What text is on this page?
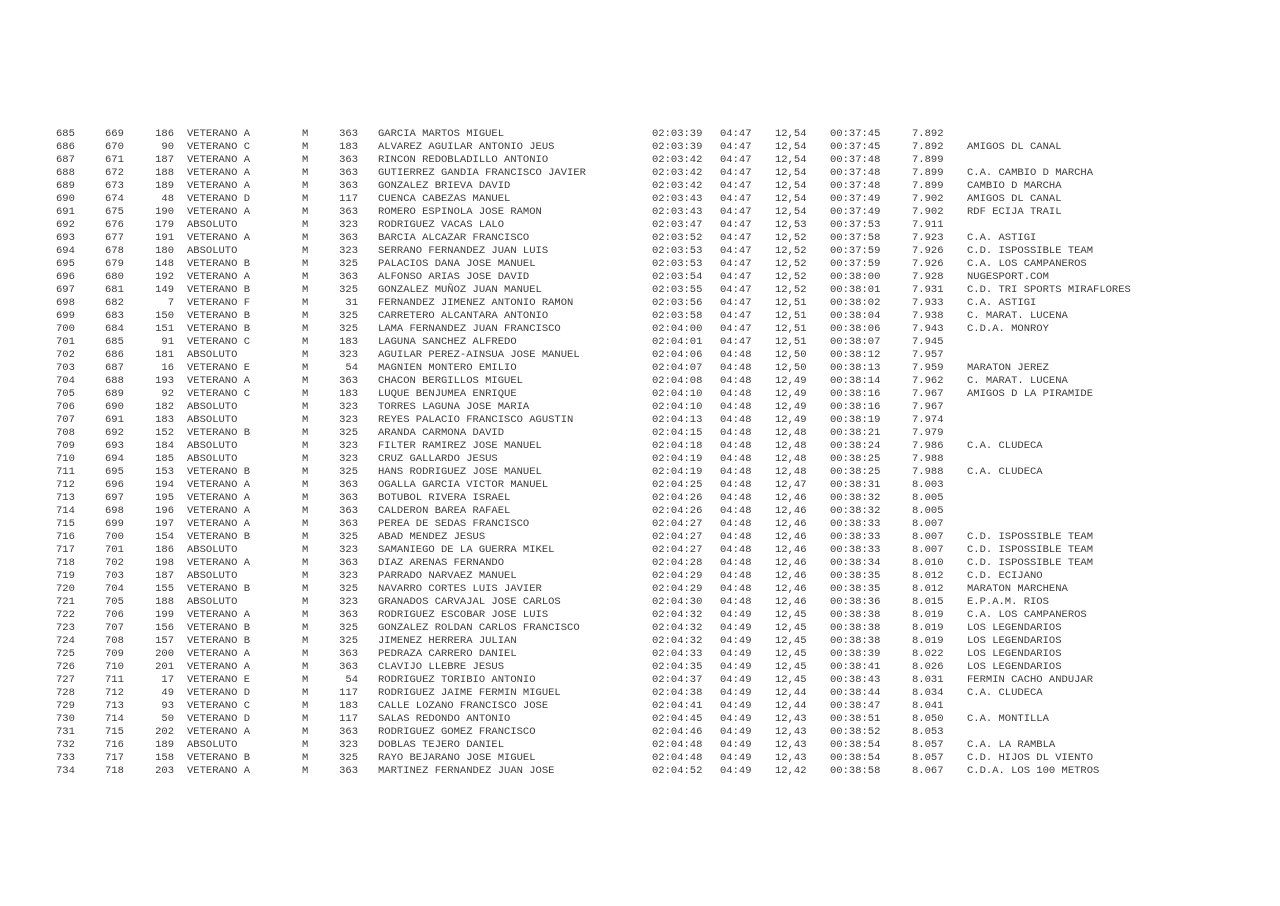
685	669	186 VETERANO A	M	363 GARCIA MARTOS MIGUEL	02:03:39 04:47 12,54 00:37:45	7.892
686	670	90 VETERANO C	M	183 ALVAREZ AGUILAR ANTONIO JEUS	02:03:39 04:47 12,54 00:37:45	7.892 AMIGOS DL CANAL
687	671	187 VETERANO A	M	363 RINCON REDOBLADILLO ANTONIO	02:03:42 04:47 12,54 00:37:48	7.899
688	672	188 VETERANO A	M	363 GUTIERREZ GANDIA FRANCISCO JAVIER	02:03:42 04:47 12,54 00:37:48	7.899 C.A. CAMBIO D MARCHA
689	673	189 VETERANO A	M	363 GONZALEZ BRIEVA DAVID	02:03:42 04:47 12,54 00:37:48	7.899 CAMBIO D MARCHA
690	674	48 VETERANO D	M	117 CUENCA CABEZAS MANUEL	02:03:43 04:47 12,54 00:37:49	7.902 AMIGOS DL CANAL
691	675	190 VETERANO A	M	363 ROMERO ESPINOLA JOSE RAMON	02:03:43 04:47 12,54 00:37:49	7.902 RDF ECIJA TRAIL
692	676	179 ABSOLUTO	M	323 RODRIGUEZ VACAS LALO	02:03:47 04:47 12,53 00:37:53	7.911
693	677	191 VETERANO A	M	363 BARCIA ALCAZAR FRANCISCO	02:03:52 04:47 12,52 00:37:58	7.923 C.A. ASTIGI
694	678	180 ABSOLUTO	M	323 SERRANO FERNANDEZ JUAN LUIS	02:03:53 04:47 12,52 00:37:59	7.926 C.D. ISPOSSIBLE TEAM
695	679	148 VETERANO B	M	325 PALACIOS DANA JOSE MANUEL	02:03:53 04:47 12,52 00:37:59	7.926 C.A. LOS CAMPANEROS
696	680	192 VETERANO A	M	363 ALFONSO ARIAS JOSE DAVID	02:03:54 04:47 12,52 00:38:00	7.928 NUGESPORT.COM
697	681	149 VETERANO B	M	325 GONZALEZ MUÑOZ JUAN MANUEL	02:03:55 04:47 12,52 00:38:01	7.931 C.D. TRI SPORTS MIRAFLORES
698	682	7 VETERANO F	M	31 FERNANDEZ JIMENEZ ANTONIO RAMON	02:03:56 04:47 12,51 00:38:02	7.933 C.A. ASTIGI
699	683	150 VETERANO B	M	325 CARRETERO ALCANTARA ANTONIO	02:03:58 04:47 12,51 00:38:04	7.938 C. MARAT. LUCENA
700	684	151 VETERANO B	M	325 LAMA FERNANDEZ JUAN FRANCISCO	02:04:00 04:47 12,51 00:38:06	7.943 C.D.A. MONROY
701	685	91 VETERANO C	M	183 LAGUNA SANCHEZ ALFREDO	02:04:01 04:47 12,51 00:38:07	7.945
702	686	181 ABSOLUTO	M	323 AGUILAR PEREZ-AINSUA JOSE MANUEL	02:04:06 04:48 12,50 00:38:12	7.957
703	687	16 VETERANO E	M	54 MAGNIEN MONTERO EMILIO	02:04:07 04:48 12,50 00:38:13	7.959 MARATON JEREZ
704	688	193 VETERANO A	M	363 CHACON BERGILLOS MIGUEL	02:04:08 04:48 12,49 00:38:14	7.962 C. MARAT. LUCENA
705	689	92 VETERANO C	M	183 LUQUE BENJUMEA ENRIQUE	02:04:10 04:48 12,49 00:38:16	7.967 AMIGOS D LA PIRAMIDE
706	690	182 ABSOLUTO	M	323 TORRES LAGUNA JOSE MARIA	02:04:10 04:48 12,49 00:38:16	7.967
707	691	183 ABSOLUTO	M	323 REYES PALACIO FRANCISCO AGUSTIN	02:04:13 04:48 12,49 00:38:19	7.974
708	692	152 VETERANO B	M	325 ARANDA CARMONA DAVID	02:04:15 04:48 12,48 00:38:21	7.979
709	693	184 ABSOLUTO	M	323 FILTER RAMIREZ JOSE MANUEL	02:04:18 04:48 12,48 00:38:24	7.986 C.A. CLUDECA
710	694	185 ABSOLUTO	M	323 CRUZ GALLARDO JESUS	02:04:19 04:48 12,48 00:38:25	7.988
711	695	153 VETERANO B	M	325 HANS RODRIGUEZ JOSE MANUEL	02:04:19 04:48 12,48 00:38:25	7.988 C.A. CLUDECA
712	696	194 VETERANO A	M	363 OGALLA GARCIA VICTOR MANUEL	02:04:25 04:48 12,47 00:38:31	8.003
713	697	195 VETERANO A	M	363 BOTUBOL RIVERA ISRAEL	02:04:26 04:48 12,46 00:38:32	8.005
714	698	196 VETERANO A	M	363 CALDERON BAREA RAFAEL	02:04:26 04:48 12,46 00:38:32	8.005
715	699	197 VETERANO A	M	363 PEREA DE SEDAS FRANCISCO	02:04:27 04:48 12,46 00:38:33	8.007
716	700	154 VETERANO B	M	325 ABAD MENDEZ JESUS	02:04:27 04:48 12,46 00:38:33	8.007 C.D. ISPOSSIBLE TEAM
717	701	186 ABSOLUTO	M	323 SAMANIEGO DE LA GUERRA MIKEL	02:04:27 04:48 12,46 00:38:33	8.007 C.D. ISPOSSIBLE TEAM
718	702	198 VETERANO A	M	363 DIAZ ARENAS FERNANDO	02:04:28 04:48 12,46 00:38:34	8.010 C.D. ISPOSSIBLE TEAM
719	703	187 ABSOLUTO	M	323 PARRADO NARVAEZ MANUEL	02:04:29 04:48 12,46 00:38:35	8.012 C.D. ECIJANO
720	704	155 VETERANO B	M	325 NAVARRO CORTES LUIS JAVIER	02:04:29 04:48 12,46 00:38:35	8.012 MARATON MARCHENA
721	705	188 ABSOLUTO	M	323 GRANADOS CARVAJAL JOSE CARLOS	02:04:30 04:48 12,46 00:38:36	8.015 E.P.A.M. RIOS
722	706	199 VETERANO A	M	363 RODRIGUEZ ESCOBAR JOSE LUIS	02:04:32 04:49 12,45 00:38:38	8.019 C.A. LOS CAMPANEROS
723	707	156 VETERANO B	M	325 GONZALEZ ROLDAN CARLOS FRANCISCO	02:04:32 04:49 12,45 00:38:38	8.019 LOS LEGENDARIOS
724	708	157 VETERANO B	M	325 JIMENEZ HERRERA JULIAN	02:04:32 04:49 12,45 00:38:38	8.019 LOS LEGENDARIOS
725	709	200 VETERANO A	M	363 PEDRAZA CARRERO DANIEL	02:04:33 04:49 12,45 00:38:39	8.022 LOS LEGENDARIOS
726	710	201 VETERANO A	M	363 CLAVIJO LLEBRE JESUS	02:04:35 04:49 12,45 00:38:41	8.026 LOS LEGENDARIOS
727	711	17 VETERANO E	M	54 RODRIGUEZ TORIBIO ANTONIO	02:04:37 04:49 12,45 00:38:43	8.031 FERMIN CACHO ANDUJAR
728	712	49 VETERANO D	M	117 RODRIGUEZ JAIME FERMIN MIGUEL	02:04:38 04:49 12,44 00:38:44	8.034 C.A. CLUDECA
729	713	93 VETERANO C	M	183 CALLE LOZANO FRANCISCO JOSE	02:04:41 04:49 12,44 00:38:47	8.041
730	714	50 VETERANO D	M	117 SALAS REDONDO ANTONIO	02:04:45 04:49 12,43 00:38:51	8.050 C.A. MONTILLA
731	715	202 VETERANO A	M	363 RODRIGUEZ GOMEZ FRANCISCO	02:04:46 04:49 12,43 00:38:52	8.053
732	716	189 ABSOLUTO	M	323 DOBLAS TEJERO DANIEL	02:04:48 04:49 12,43 00:38:54	8.057 C.A. LA RAMBLA
733	717	158 VETERANO B	M	325 RAYO BEJARANO JOSE MIGUEL	02:04:48 04:49 12,43 00:38:54	8.057 C.D. HIJOS DL VIENTO
734	718	203 VETERANO A	M	363 MARTINEZ FERNANDEZ JUAN JOSE	02:04:52 04:49 12,42 00:38:58	8.067 C.D.A. LOS 100 METROS
